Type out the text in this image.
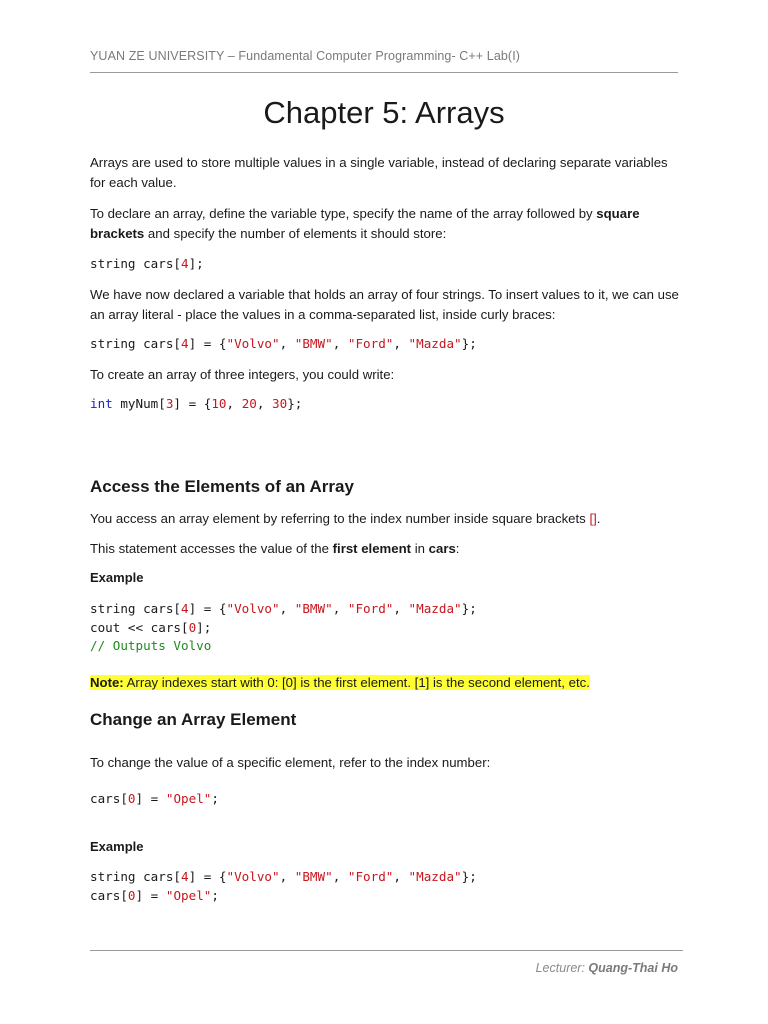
YUAN ZE UNIVERSITY – Fundamental Computer Programming- C++ Lab(I)
Chapter 5: Arrays

Arrays are used to store multiple values in a single variable, instead of declaring separate variables for each value.

To declare an array, define the variable type, specify the name of the array followed by square brackets and specify the number of elements it should store:

string cars[4];

We have now declared a variable that holds an array of four strings. To insert values to it, we can use an array literal - place the values in a comma-separated list, inside curly braces:

string cars[4] = {"Volvo", "BMW", "Ford", "Mazda"};

To create an array of three integers, you could write:

int myNum[3] = {10, 20, 30};
Access the Elements of an Array

You access an array element by referring to the index number inside square brackets [].

This statement accesses the value of the first element in cars:

Example

string cars[4] = {"Volvo", "BMW", "Ford", "Mazda"};
cout << cars[0];
// Outputs Volvo

Note: Array indexes start with 0: [0] is the first element. [1] is the second element, etc.

Change an Array Element

To change the value of a specific element, refer to the index number:

cars[0] = "Opel";

Example

string cars[4] = {"Volvo", "BMW", "Ford", "Mazda"};
cars[0] = "Opel";
Lecturer: Quang-Thai Ho
